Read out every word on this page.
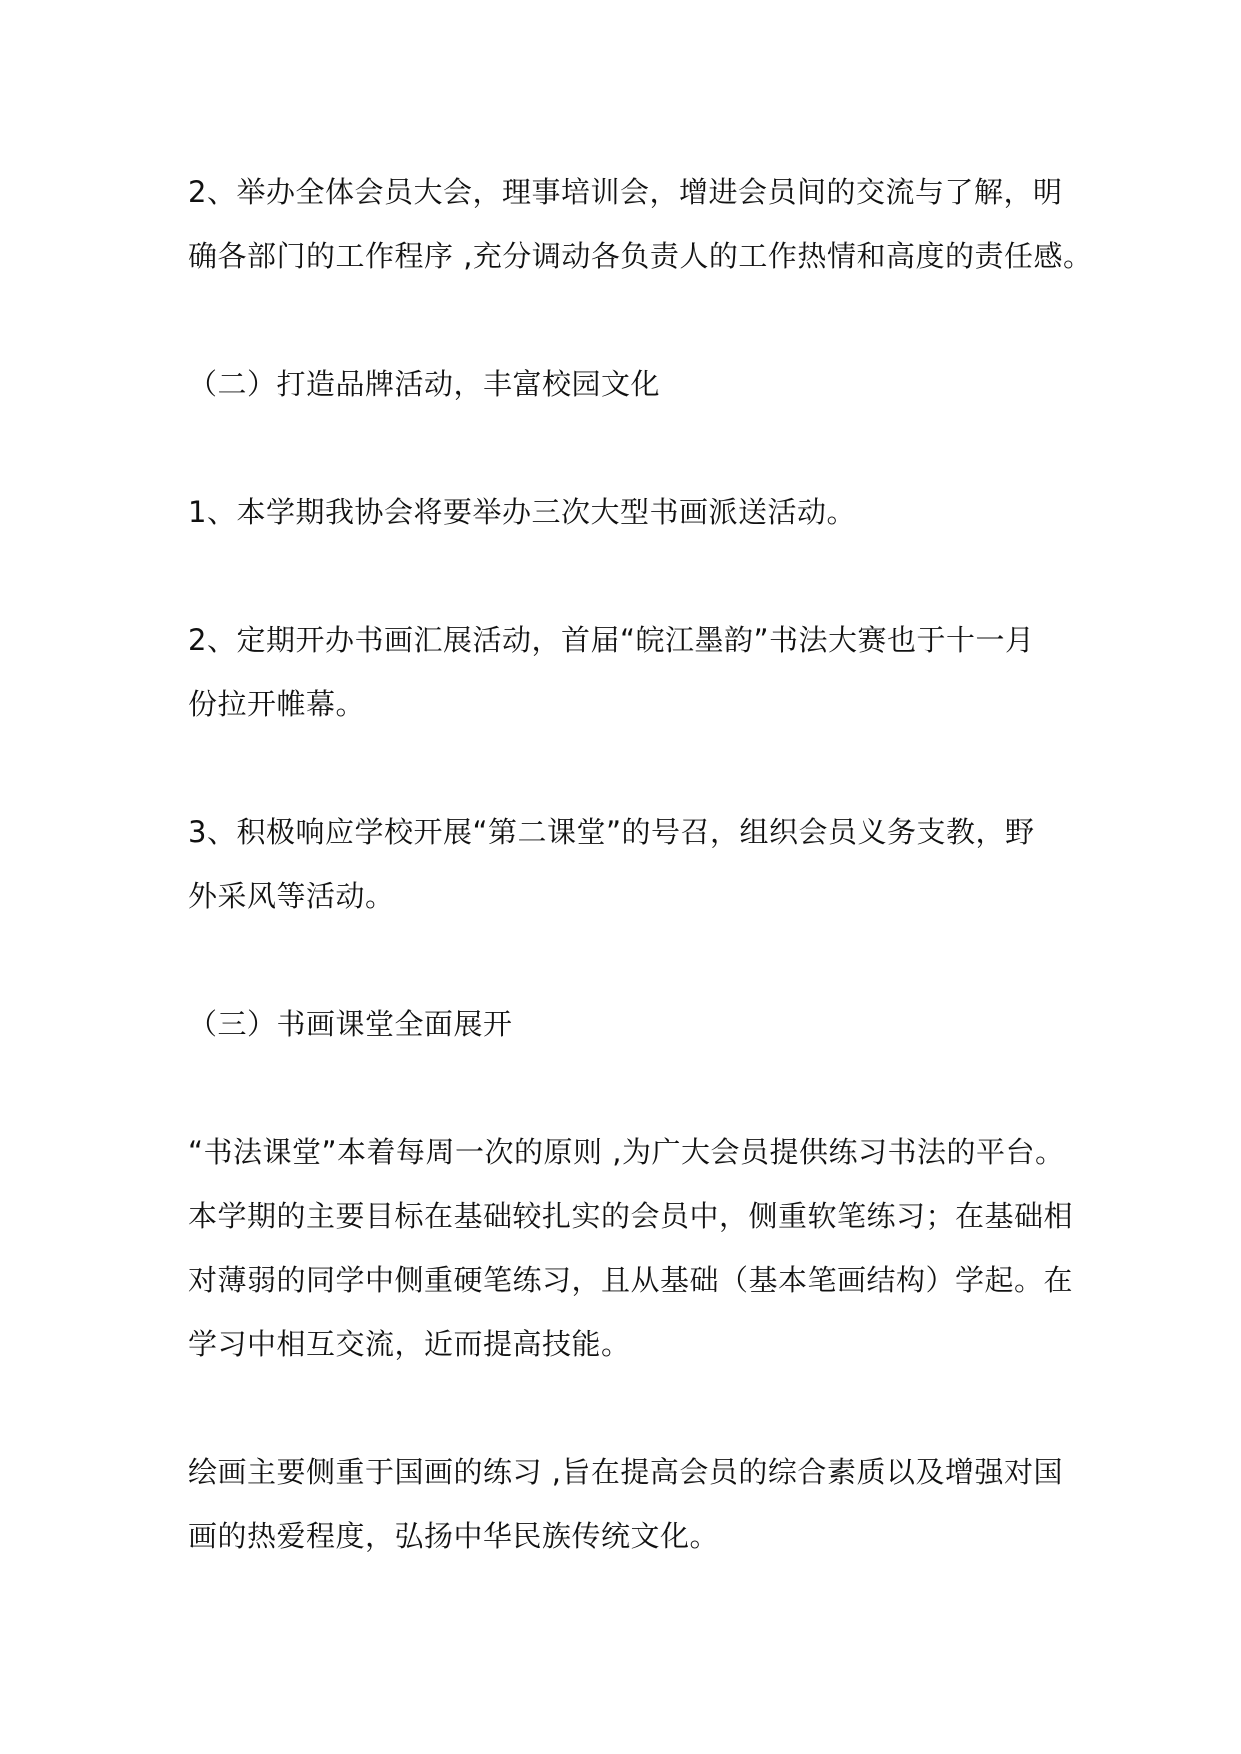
2、举办全体会员大会，理事培训会，增进会员间的交流与了解，明
确各部门的工作程序 ,充分调动各负责人的工作热情和高度的责任感。

（二）打造品牌活动，丰富校园文化

1、本学期我协会将要举办三次大型书画派送活动。

2、定期开办书画汇展活动，首届“皖江墨韵”书法大赛也于十一月
份拉开帷幕。

3、积极响应学校开展“第二课堂”的号召，组织会员义务支教，野
外采风等活动。

（三）书画课堂全面展开

“书法课堂”本着每周一次的原则 ,为广大会员提供练习书法的平台。
本学期的主要目标在基础较扎实的会员中，侧重软笔练习；在基础相
对薄弱的同学中侧重硬笔练习，且从基础（基本笔画结构）学起。在
学习中相互交流，近而提高技能。

绘画主要侧重于国画的练习 ,旨在提高会员的综合素质以及增强对国
画的热爱程度，弘扬中华民族传统文化。
